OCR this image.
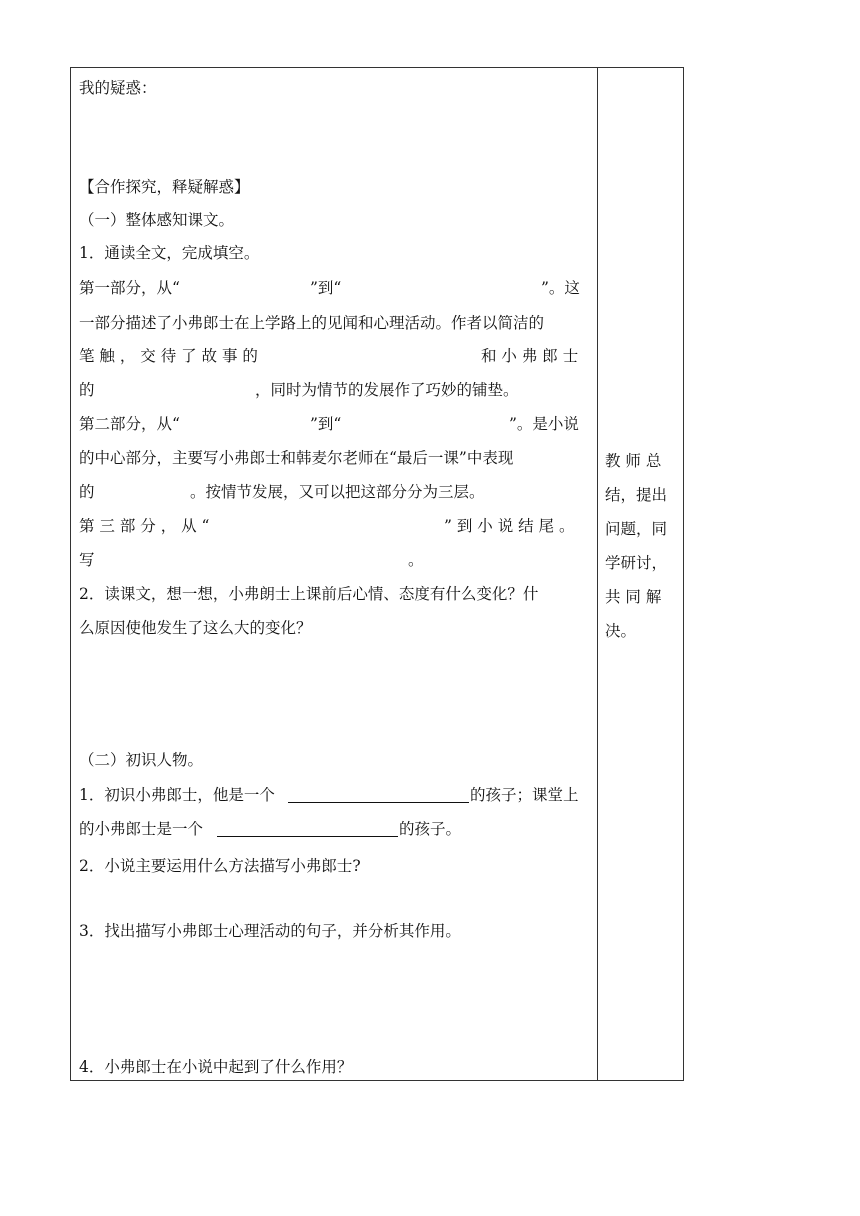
我的疑惑：
【合作探究，释疑解惑】
（一）整体感知课文。
1．通读全文，完成填空。
第一部分，从“	”到“	”。这
一部分描述了小弗郎士在上学路上的见闻和心理活动。作者以简洁的
笔 触 ， 交 待 了 故 事 的	和 小 弗 郎 士
的	，同时为情节的发展作了巧妙的铺垫。
第二部分，从“	”到“	”。是小说
的中心部分，主要写小弗郎士和韩麦尔老师在“最后一课”中表现
的	。按情节发展，又可以把这部分分为三层。
第 三 部 分 ， 从 “	” 到 小 说 结 尾 。
写	。
2．读课文，想一想，小弗朗士上课前后心情、态度有什么变化？什
么原因使他发生了这么大的变化？
（二）初识人物。
1．初识小弗郎士，他是一个	的孩子；课堂上
的小弗郎士是一个	的孩子。
2．小说主要运用什么方法描写小弗郎士?
3．找出描写小弗郎士心理活动的句子，并分析其作用。
4．小弗郎士在小说中起到了什么作用？
教 师 总
结，提出
问题，同
学研讨，
共 同 解
决。
